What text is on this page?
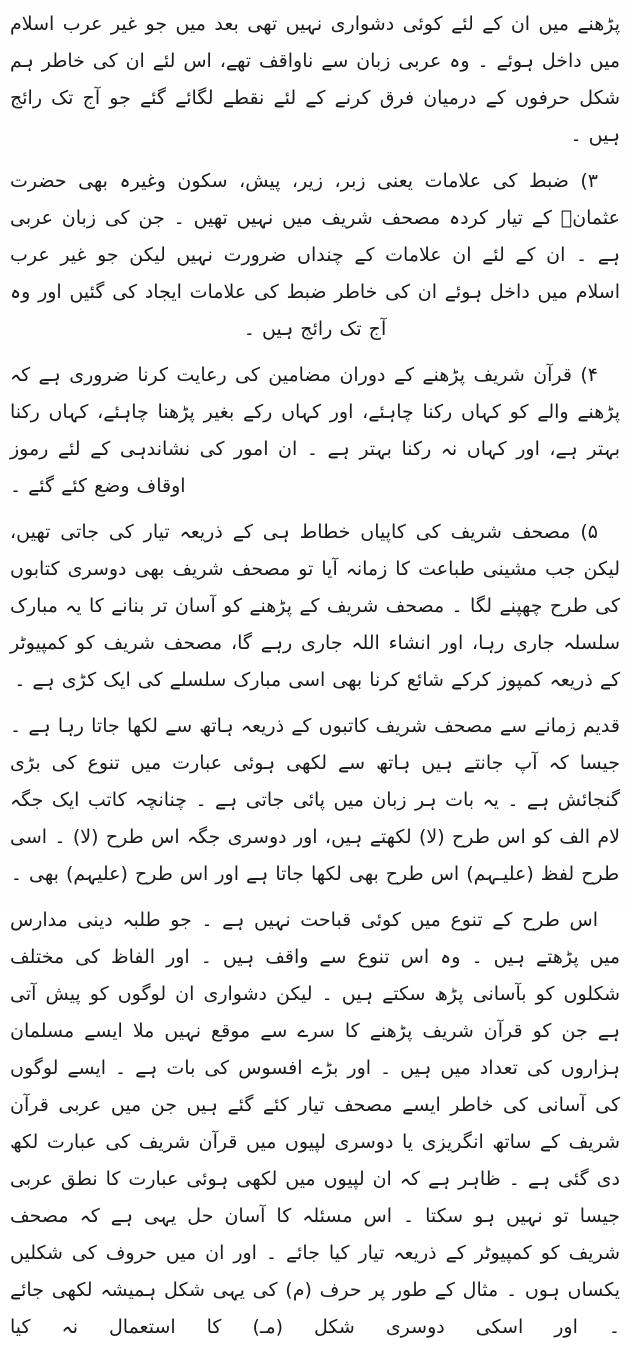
پڑھنے میں ان کے لئے کوئی دشواری نہیں تھی بعد میں جو غیر عرب اسلام میں داخل ہوئے ۔ وہ عربی زبان سے ناواقف تھے، اس لئے ان کی خاطر ہم شکل حرفوں کے درمیان فرق کرنے کے لئے نقطے لگائے گئے جو آج تک رائج ہیں ۔

۳) ضبط کی علامات یعنی زبر، زیر، پیش، سکون وغیرہ بھی حضرت عثمانؓ کے تیار کردہ مصحف شریف میں نہیں تھیں ۔ جن کی زبان عربی ہے ۔ ان کے لئے ان علامات کے چنداں ضرورت نہیں لیکن جو غیر عرب اسلام میں داخل ہوئے ان کی خاطر ضبط کی علامات ایجاد کی گئیں اور وہ آج تک رائج ہیں ۔

۴) قرآن شریف پڑھنے کے دوران مضامین کی رعایت کرنا ضروری ہے کہ پڑھنے والے کو کہاں رکنا چاہئے، اور کہاں رکے بغیر پڑھنا چاہئے، کہاں رکنا بہتر ہے، اور کہاں نہ رکنا بہتر ہے ۔ ان امور کی نشاندہی کے لئے رموز اوقاف وضع کئے گئے ۔

۵) مصحف شریف کی کاپیاں خطاط ہی کے ذریعہ تیار کی جاتی تھیں، لیکن جب مشینی طباعت کا زمانہ آیا تو مصحف شریف بھی دوسری کتابوں کی طرح چھپنے لگا ۔ مصحف شریف کے پڑھنے کو آسان تر بنانے کا یہ مبارک سلسلہ جاری رہا، اور انشاء اللہ جاری رہے گا، مصحف شریف کو کمپیوٹر کے ذریعہ کمپوز کرکے شائع کرنا بھی اسی مبارک سلسلے کی ایک کڑی ہے ۔

قدیم زمانے سے مصحف شریف کاتبوں کے ذریعہ ہاتھ سے لکھا جاتا رہا ہے ۔ جیسا کہ آپ جانتے ہیں ہاتھ سے لکھی ہوئی عبارت میں تنوع کی بڑی گنجائش ہے ۔ یہ بات ہر زبان میں پائی جاتی ہے ۔ چنانچہ کاتب ایک جگہ لام الف کو اس طرح (لا) لکھتے ہیں، اور دوسری جگہ اس طرح (لا) ۔ اسی طرح لفظ (علیـہم) اس طرح بھی لکھا جاتا ہے اور اس طرح (علیہم) بھی ۔

اس طرح کے تنوع میں کوئی قباحت نہیں ہے ۔ جو طلبہ دینی مدارس میں پڑھتے ہیں ۔ وہ اس تنوع سے واقف ہیں ۔ اور الفاظ کی مختلف شکلوں کو بآسانی پڑھ سکتے ہیں ۔ لیکن دشواری ان لوگوں کو پیش آتی ہے جن کو قرآن شریف پڑھنے کا سرے سے موقع نہیں ملا ایسے مسلمان ہزاروں کی تعداد میں ہیں ۔ اور بڑے افسوس کی بات ہے ۔ ایسے لوگوں کی آسانی کی خاطر ایسے مصحف تیار کئے گئے ہیں جن میں عربی قرآن شریف کے ساتھ انگریزی یا دوسری لپیوں میں قرآن شریف کی عبارت لکھ دی گئی ہے ۔ ظاہر ہے کہ ان لپیوں میں لکھی ہوئی عبارت کا نطق عربی جیسا تو نہیں ہو سکتا ۔ اس مسئلہ کا آسان حل یہی ہے کہ مصحف شریف کو کمپیوٹر کے ذریعہ تیار کیا جائے ۔ اور ان میں حروف کی شکلیں یکساں ہوں ۔ مثال کے طور پر حرف (م) کی یہی شکل ہمیشہ لکھی جائے ۔ اور اسکی دوسری شکل (مـ) کا استعمال نہ کیا
